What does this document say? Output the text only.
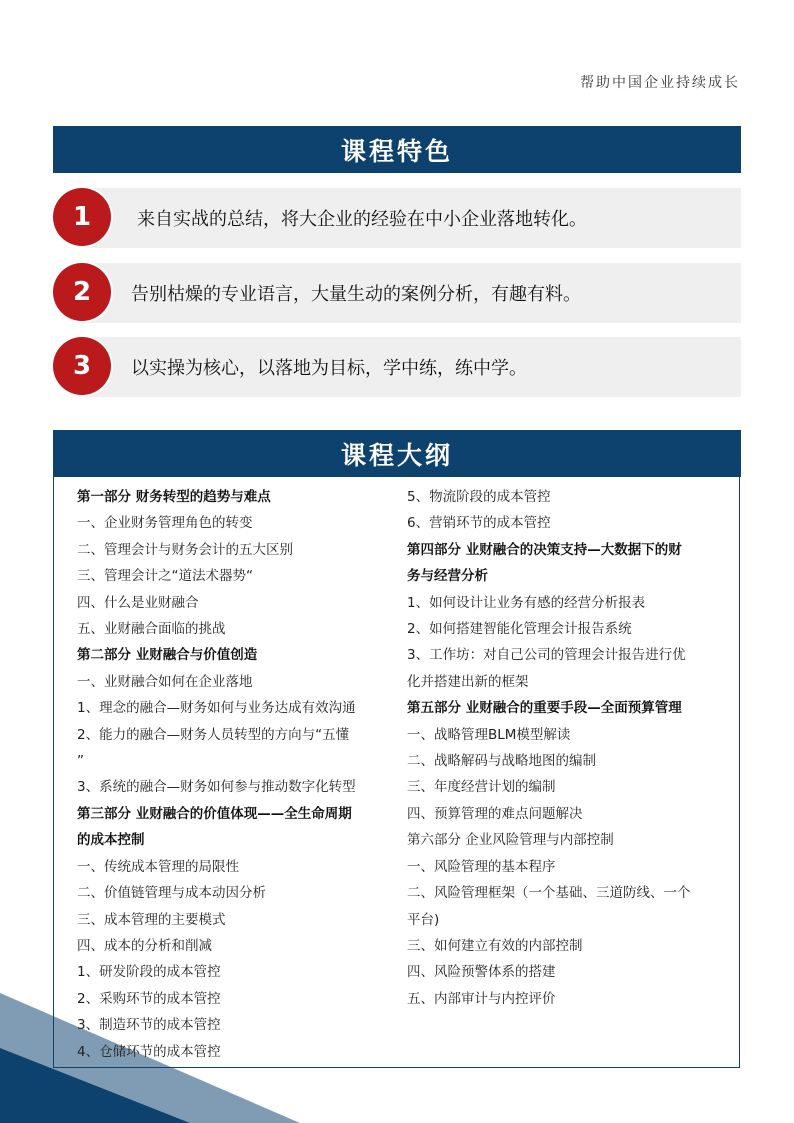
帮助中国企业持续成长
课程特色
1	来自实战的总结，将大企业的经验在中小企业落地转化。
2	告别枯燥的专业语言，大量生动的案例分析，有趣有料。
3	以实操为核心，以落地为目标，学中练，练中学。
课程大纲
第一部分 财务转型的趋势与难点
一、企业财务管理角色的转变
二、管理会计与财务会计的五大区别
三、管理会计之“道法术器势“
四、什么是业财融合
五、业财融合面临的挑战
第二部分 业财融合与价值创造
一、业财融合如何在企业落地
1、理念的融合—财务如何与业务达成有效沟通
2、能力的融合—财务人员转型的方向与“五懂
”
3、系统的融合—财务如何参与推动数字化转型
第三部分 业财融合的价值体现——全生命周期
的成本控制
一、传统成本管理的局限性
二、价值链管理与成本动因分析
三、成本管理的主要模式
四、成本的分析和削减
1、研发阶段的成本管控
2、采购环节的成本管控
3、制造环节的成本管控
4、仓储环节的成本管控
5、物流阶段的成本管控
6、营销环节的成本管控
第四部分 业财融合的决策支持—大数据下的财
务与经营分析
1、如何设计让业务有感的经营分析报表
2、如何搭建智能化管理会计报告系统
3、工作坊：对自己公司的管理会计报告进行优
化并搭建出新的框架
第五部分 业财融合的重要手段—全面预算管理
一、战略管理BLM模型解读
二、战略解码与战略地图的编制
三、年度经营计划的编制
四、预算管理的难点问题解决
第六部分 企业风险管理与内部控制
一、风险管理的基本程序
二、风险管理框架（一个基础、三道防线、一个
平台)
三、如何建立有效的内部控制
四、风险预警体系的搭建
五、内部审计与内控评价
